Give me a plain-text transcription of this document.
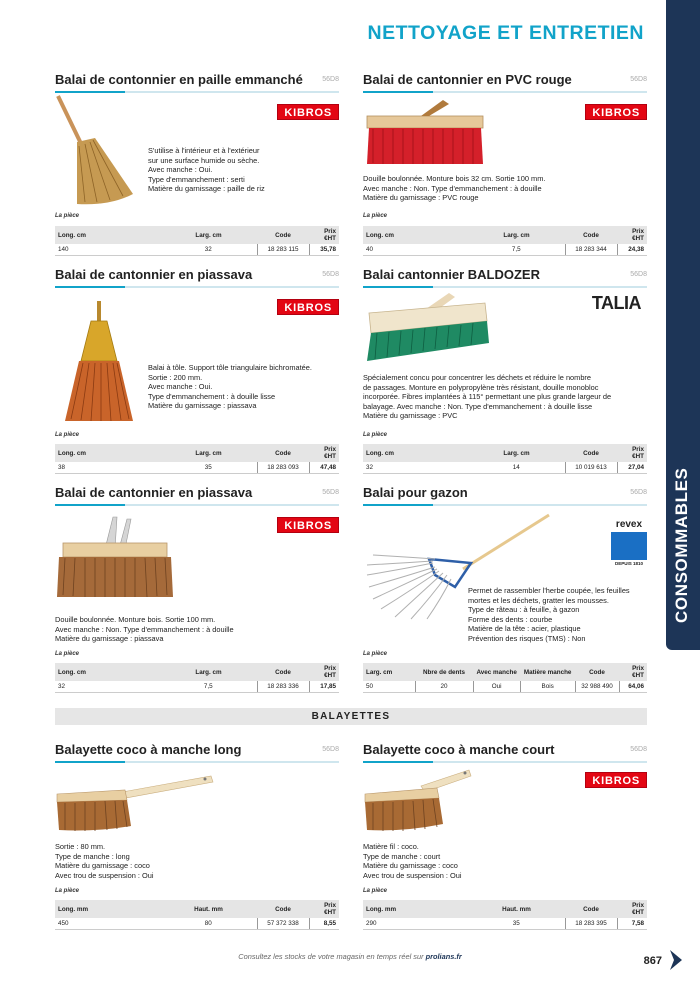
NETTOYAGE ET ENTRETIEN
CONSOMMABLES
Balai de contonnier en paille emmanché	56D8
KIBROS
S'utilise à l'intérieur et à l'extérieur
sur une surface humide ou sèche.
Avec manche : Oui.
Type d'emmanchement : serti
Matière du garnissage : paille de riz
La pièce
Long. cm	Larg. cm	Code	Prix €HT
140	32	18 283 115	35,78
Balai de cantonnier en PVC rouge	56D8
KIBROS
Douille boulonnée. Monture bois 32 cm. Sortie 100 mm.
Avec manche : Non. Type d'emmanchement : à douille
Matière du garnissage : PVC rouge
La pièce
Long. cm	Larg. cm	Code	Prix €HT
40	7,5	18 283 344	24,38
Balai de cantonnier en piassava	56D8
KIBROS
Balai à tôle. Support tôle triangulaire bichromatée.
Sortie : 200 mm.
Avec manche : Oui.
Type d'emmanchement : à douille lisse
Matière du garnissage : piassava
La pièce
Long. cm	Larg. cm	Code	Prix €HT
38	35	18 283 093	47,48
Balai cantonnier BALDOZER	56D8
TALIA
Spécialement concu pour concentrer les déchets et réduire le nombre
de passages. Monture en polypropylène très résistant, douille monobloc
incorporée. Fibres implantées à 115° permettant une plus grande largeur de
balayage. Avec manche : Non. Type d'emmanchement : à douille lisse
Matière du garnissage : PVC
La pièce
Long. cm	Larg. cm	Code	Prix €HT
32	14	10 019 613	27,04
Balai de cantonnier en piassava	56D8
KIBROS
Douille boulonnée. Monture bois. Sortie 100 mm.
Avec manche : Non. Type d'emmanchement : à douille
Matière du garnissage : piassava
La pièce
Long. cm	Larg. cm	Code	Prix €HT
32	7,5	18 283 336	17,85
Balai pour gazon	56D8
revex
DEPUIS 1810
Permet de rassembler l'herbe coupée, les feuilles
mortes et les déchets, gratter les mousses.
Type de râteau : à feuille, à gazon
Forme des dents : courbe
Matière de la tête : acier, plastique
Prévention des risques (TMS) : Non
La pièce
Larg. cm	Nbre de dents	Avec manche	Matière manche	Code	Prix €HT
50	20	Oui	Bois	32 988 490	64,06
BALAYETTES
Balayette coco à manche long	56D8
Sortie : 80 mm.
Type de manche : long
Matière du garnissage : coco
Avec trou de suspension : Oui
La pièce
Long. mm	Haut. mm	Code	Prix €HT
450	80	57 372 338	8,55
Balayette coco à manche court	56D8
KIBROS
Matière fil : coco.
Type de manche : court
Matière du garnissage : coco
Avec trou de suspension : Oui
La pièce
Long. mm	Haut. mm	Code	Prix €HT
290	35	18 283 395	7,58
Consultez les stocks de votre magasin en temps réel sur prolians.fr	867
